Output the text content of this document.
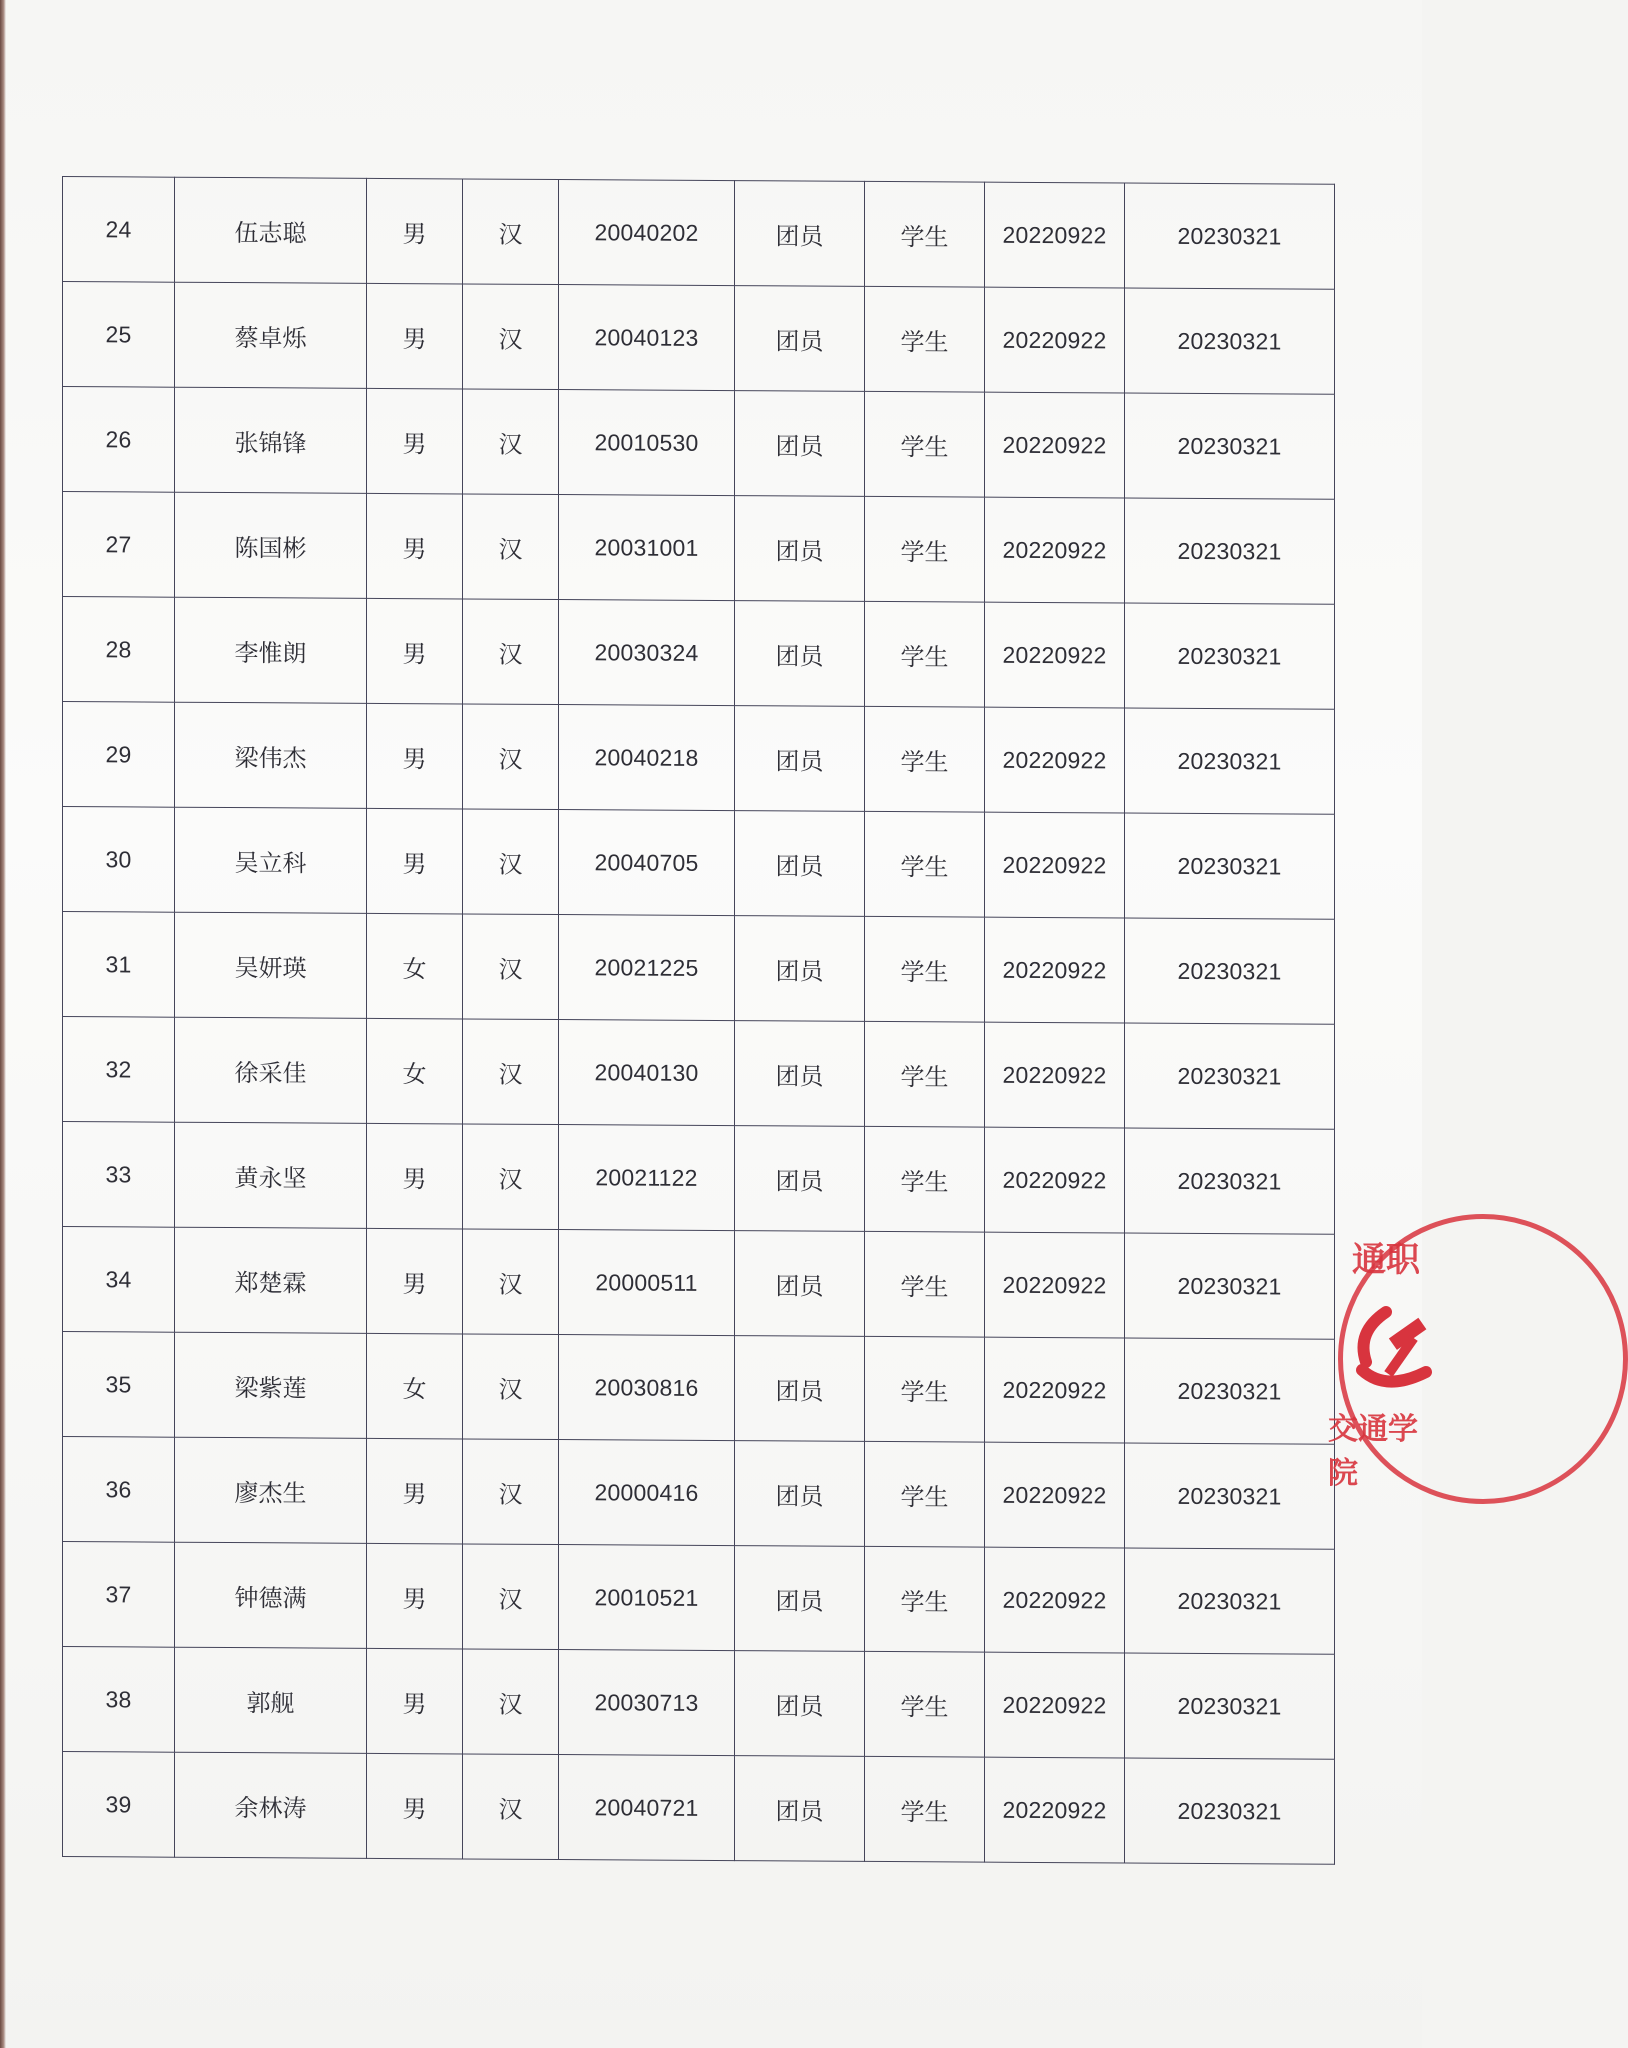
24	伍志聪	男	汉	20040202	团员	学生	20220922	20230321
25	蔡卓烁	男	汉	20040123	团员	学生	20220922	20230321
26	张锦锋	男	汉	20010530	团员	学生	20220922	20230321
27	陈国彬	男	汉	20031001	团员	学生	20220922	20230321
28	李惟朗	男	汉	20030324	团员	学生	20220922	20230321
29	梁伟杰	男	汉	20040218	团员	学生	20220922	20230321
30	吴立科	男	汉	20040705	团员	学生	20220922	20230321
31	吴妍瑛	女	汉	20021225	团员	学生	20220922	20230321
32	徐采佳	女	汉	20040130	团员	学生	20220922	20230321
33	黄永坚	男	汉	20021122	团员	学生	20220922	20230321
34	郑楚霖	男	汉	20000511	团员	学生	20220922	20230321
35	梁紫莲	女	汉	20030816	团员	学生	20220922	20230321
36	廖杰生	男	汉	20000416	团员	学生	20220922	20230321
37	钟德满	男	汉	20010521	团员	学生	20220922	20230321
38	郭舰	男	汉	20030713	团员	学生	20220922	20230321
39	余林涛	男	汉	20040721	团员	学生	20220922	20230321
通职
交通学院
